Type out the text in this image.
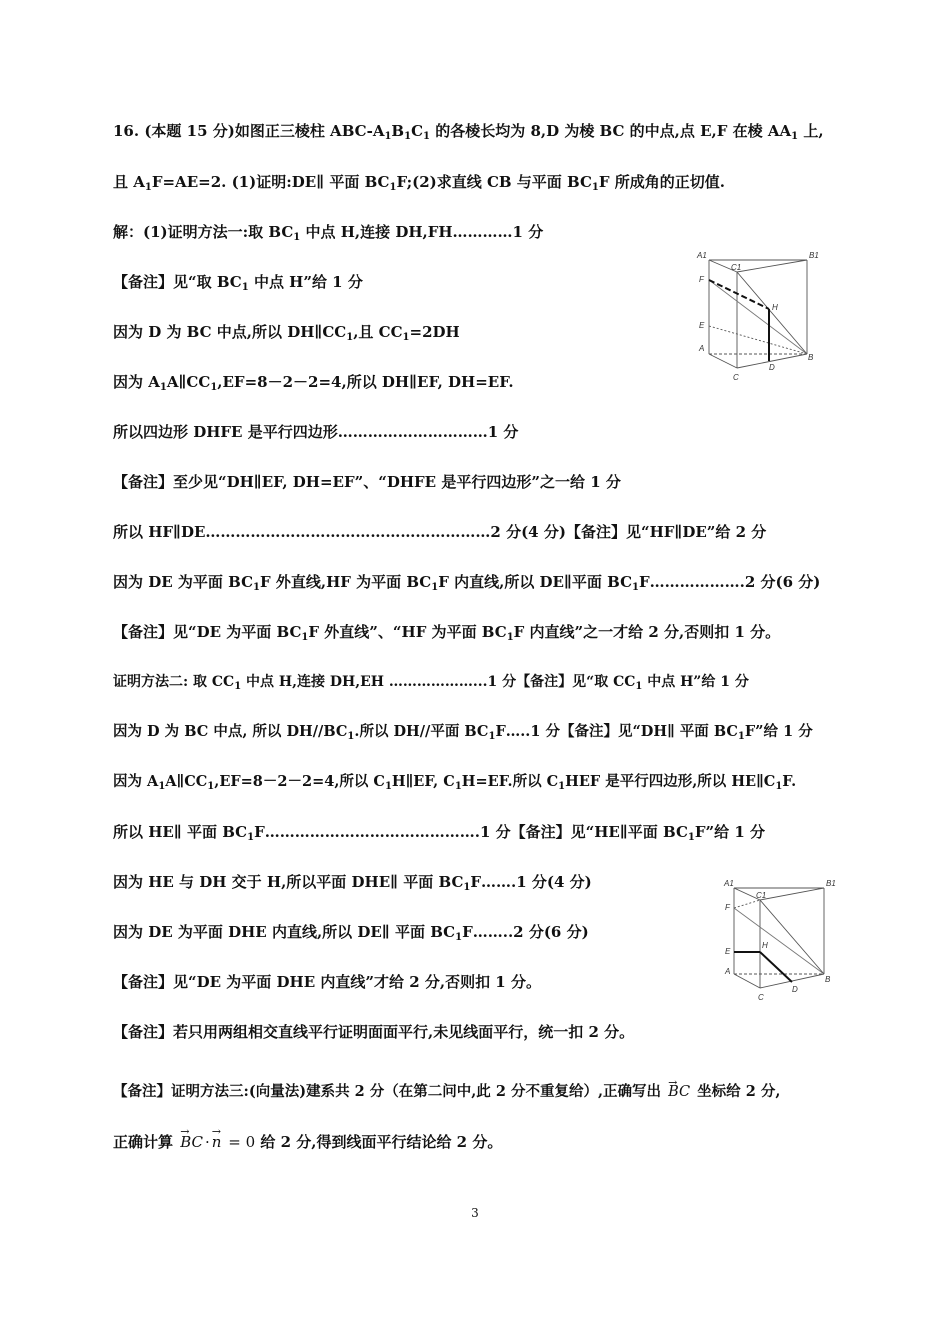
16. (本题 15 分)如图正三棱柱 ABC-$A_1B_1C_1$ 的各棱长均为 8,D 为棱 BC 的中点,点 E,F 在棱 $AA_1$ 上,
且 $A_1F=AE=2$. (1)证明:DE∥ 平面 $BC_1F;(2)$求直线 CB 与平面 $BC_1F$ 所成角的正切值.
解：(1)证明方法一:取 $BC_1$ 中点 H,连接 DH,FH…………1 分
【备注】见“取 $BC_1$ 中点 H”给 1 分
因为 D 为 BC 中点,所以 $DH\parallel CC_1$,且 $CC_1=2DH$
因为 $A_1A\parallel CC_1,EF=8-2-2=4$,所以 DH∥EF, DH=EF.
所以四边形 DHFE 是平行四边形…………………………1 分
【备注】至少见“DH∥EF, DH=EF”、“DHFE 是平行四边形”之一给 1 分
所以 HF∥DE…………………………………………………2 分(4 分)【备注】见“HF∥DE”给 2 分
因为 DE 为平面 $BC_1F$ 外直线,HF 为平面 $BC_1F$ 内直线,所以 DE∥平面 $BC_1F\dots\dots\dots\dots\dots\dots.2$ 分(6 分)
【备注】见“DE 为平面 $BC_1F$ 外直线”、“HF 为平面 $BC_1F$ 内直线”之一才给 2 分,否则扣 1 分。
证明方法二: 取 $CC_1$ 中点 H,连接 DH,EH ………………...1 分【备注】见“取 $CC_1$ 中点 H”给 1 分
因为 D 为 BC 中点, 所以 $DH//BC_1$.所以 DH//平面 $BC_1F\dots..1$ 分【备注】见“DH∥ 平面 $BC_1F$”给 1 分
因为 $A_1A\parallel CC_1,EF=8-2-2=4$,所以 $C_1H\parallel EF$, $C_1H=EF$.所以 $C_1HEF$ 是平行四边形,所以 $HE\parallel C_1F$.
所以 HE∥ 平面 $BC_1F\dots\dots\dots\dots\dots\dots\dots\dots\dots\dots\dots\dots\dots\dots.1$ 分【备注】见“HE∥平面 $BC_1F$”给 1 分
因为 HE 与 DH 交于 H,所以平面 DHE∥ 平面 $BC_1F\dots\dots.1$ 分(4 分)
因为 DE 为平面 DHE 内直线,所以 DE∥ 平面 $BC_1F\dots\dots..2$ 分(6 分)
【备注】见“DE 为平面 DHE 内直线”才给 2 分,否则扣 1 分。
【备注】若只用两组相交直线平行证明面面平行,未见线面平行，统一扣 2 分。
【备注】证明方法三:(向量法)建系共 2 分（在第二问中,此 2 分不重复给）,正确写出 → BC 坐标给 2 分,
正确计算 → BC ·→ n = 0 给 2 分,得到线面平行结论给 2 分。
A1
C1
B1
F
H
E
A
B
C
D
A1
C1
B1
F
H
E
A
B
C
D
3
